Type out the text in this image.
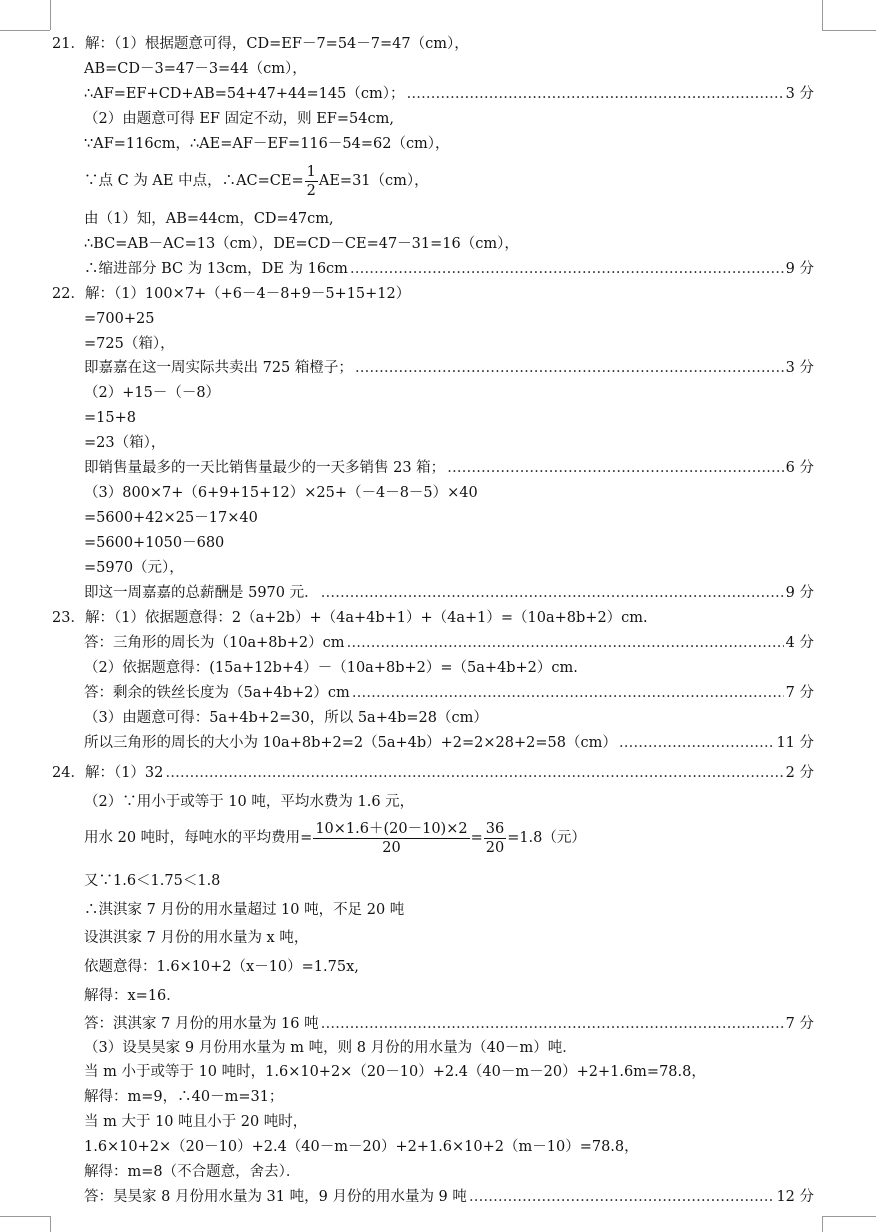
21．解：（1）根据题意可得，CD=EF－7=54－7=47（cm），
AB=CD－3=47－3=44（cm），
∴AF=EF+CD+AB=54+47+44=145（cm）； ……………………………………………………………………………………………………………………………………………………………………	3 分
（2）由题意可得 EF 固定不动，则 EF=54cm,
∵AF=116cm，∴AE=AF－EF=116－54=62（cm），
∵点 C 为 AE 中点，∴AC=CE= $\frac{1}{2} AE=31(cm)$，
由（1）知，AB=44cm，CD=47cm,
∴BC=AB－AC=13（cm），DE=CD－CE=47－31=16（cm），
∴缩进部分 BC 为 13cm，DE 为 16cm ……………………………………………………………………………………………………………………………………………………………………	9 分
22．解：（1）100×7+（+6－4－8+9－5+15+12）
=700+25
=725（箱），
即嘉嘉在这一周实际共卖出 725 箱橙子； ……………………………………………………………………………………………………………………………………………………………………	3 分
（2）+15－（－8）
=15+8
=23（箱），
即销售量最多的一天比销售量最少的一天多销售 23 箱； ……………………………………………………………………………………………………………………………………………………………………	6 分
（3）800×7+（6+9+15+12）×25+（－4－8－5）×40
=5600+42×25－17×40
=5600+1050－680
=5970（元），
即这一周嘉嘉的总薪酬是 5970 元． ……………………………………………………………………………………………………………………………………………………………………	9 分
23．解：（1）依据题意得：2（a+2b）+（4a+4b+1）+（4a+1）=（10a+8b+2）cm.
答：三角形的周长为（10a+8b+2）cm ……………………………………………………………………………………………………………………………………………………………………	4 分
（2）依据题意得：(15a+12b+4）－（10a+8b+2）=（5a+4b+2）cm.
答：剩余的铁丝长度为（5a+4b+2）cm ……………………………………………………………………………………………………………………………………………………………………	7 分
（3）由题意可得：5a+4b+2=30，所以 5a+4b=28（cm）
所以三角形的周长的大小为 10a+8b+2=2（5a+4b）+2=2×28+2=58（cm） ……………………………………………………………………………………………………………………………………………………………………	11 分
24．解：（1）32 ……………………………………………………………………………………………………………………………………………………………………	2 分
（2）∵用小于或等于 10 吨，平均水费为 1.6 元，
用水 20 吨时，每吨水的平均费用= $\frac{10\times 1.6+(20-10)\times 2}{20} = \frac{36}{20} =1.8$（元）
又∵1.6＜1.75＜1.8
∴淇淇家 7 月份的用水量超过 10 吨，不足 20 吨
设淇淇家 7 月份的用水量为 x 吨，
依题意得：1.6×10+2（x－10）=1.75x,
解得：x=16．
答：淇淇家 7 月份的用水量为 16 吨 ……………………………………………………………………………………………………………………………………………………………………	7 分
（3）设昊昊家 9 月份用水量为 m 吨，则 8 月份的用水量为（40－m）吨．
当 m 小于或等于 10 吨时，1.6×10+2×（20－10）+2.4（40－m－20）+2+1.6m=78.8，
解得：m=9，∴40－m=31；
当 m 大于 10 吨且小于 20 吨时，
1.6×10+2×（20－10）+2.4（40－m－20）+2+1.6×10+2（m－10）=78.8，
解得：m=8（不合题意，舍去）．
答：昊昊家 8 月份用水量为 31 吨，9 月份的用水量为 9 吨 ……………………………………………………………………………………………………………………………………………………………………	12 分
